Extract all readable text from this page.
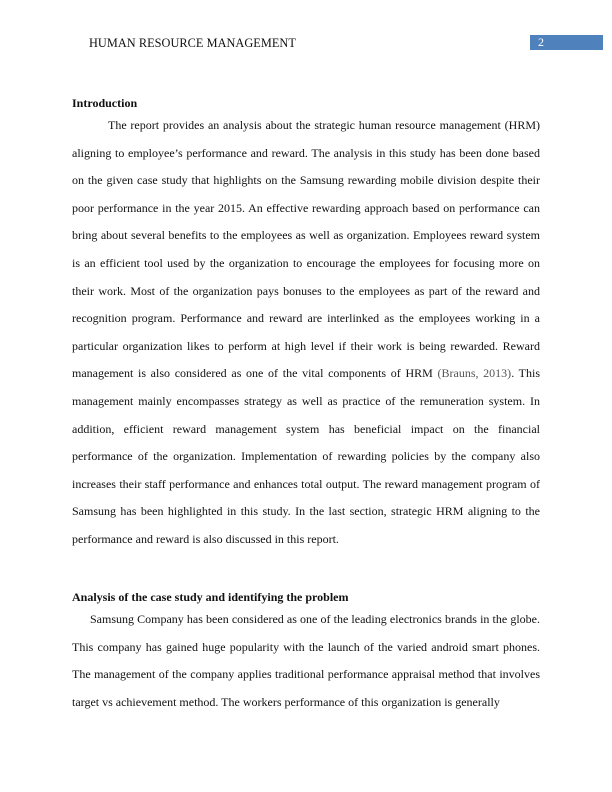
HUMAN RESOURCE MANAGEMENT	2
Introduction

The report provides an analysis about the strategic human resource management (HRM) aligning to employee’s performance and reward. The analysis in this study has been done based on the given case study that highlights on the Samsung rewarding mobile division despite their poor performance in the year 2015. An effective rewarding approach based on performance can bring about several benefits to the employees as well as organization. Employees reward system is an efficient tool used by the organization to encourage the employees for focusing more on their work. Most of the organization pays bonuses to the employees as part of the reward and recognition program. Performance and reward are interlinked as the employees working in a particular organization likes to perform at high level if their work is being rewarded. Reward management is also considered as one of the vital components of HRM (Brauns, 2013). This management mainly encompasses strategy as well as practice of the remuneration system. In addition, efficient reward management system has beneficial impact on the financial performance of the organization. Implementation of rewarding policies by the company also increases their staff performance and enhances total output. The reward management program of Samsung has been highlighted in this study. In the last section, strategic HRM aligning to the performance and reward is also discussed in this report.

Analysis of the case study and identifying the problem

Samsung Company has been considered as one of the leading electronics brands in the globe. This company has gained huge popularity with the launch of the varied android smart phones. The management of the company applies traditional performance appraisal method that involves target vs achievement method. The workers performance of this organization is generally
